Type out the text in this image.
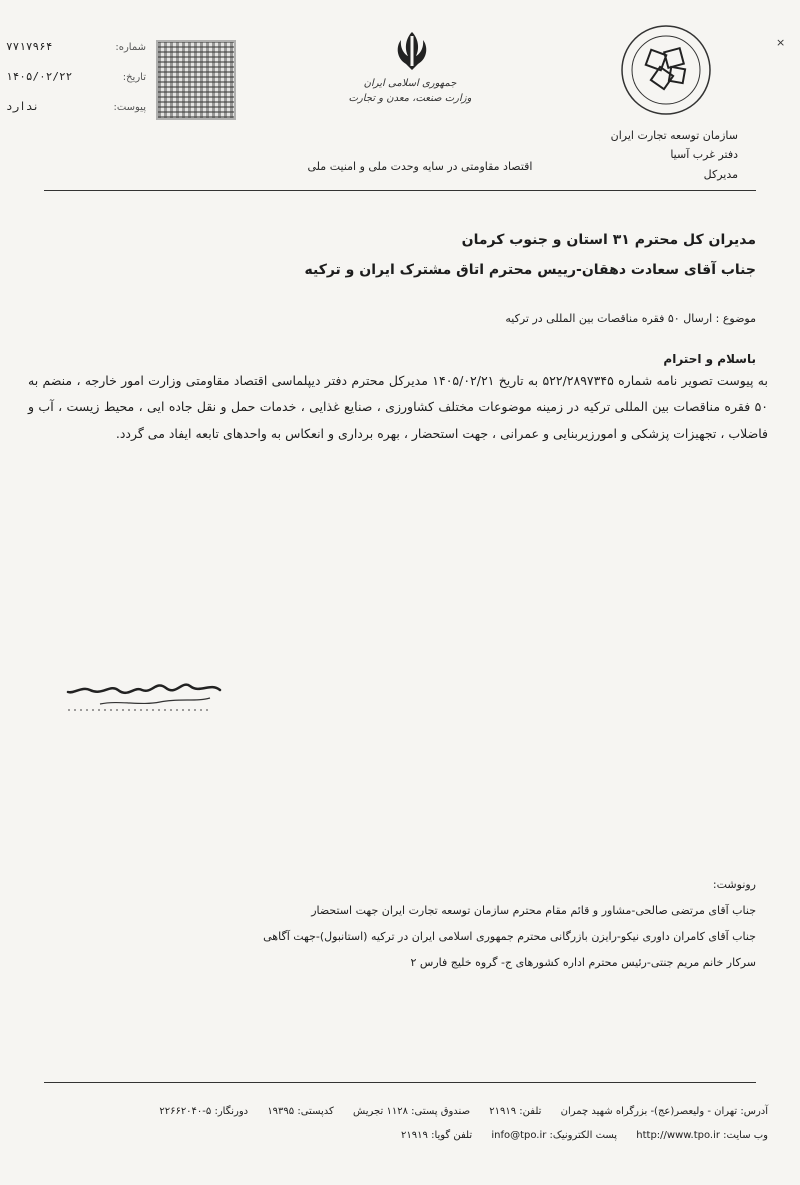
شماره:
۷۷۱۷۹۶۴
تاریخ:
۱۴۰۵/۰۲/۲۲
پیوست:
ندارد
جمهوری اسلامی ایران
وزارت صنعت، معدن و تجارت
اقتصاد مقاومتی در سایه وحدت ملی و امنیت ملی
سازمان توسعه تجارت ایران
دفتر غرب آسیا
مدیرکل
×
مدیران کل محترم ۳۱ استان و جنوب کرمان
جناب آقای سعادت دهقان-رییس محترم اتاق مشترک ایران و ترکیه
موضوع : ارسال ۵۰ فقره مناقصات بین المللی در ترکیه
باسلام و احترام
به پیوست تصویر نامه شماره ۵۲۲/۲۸۹۷۳۴۵ به تاریخ ۱۴۰۵/۰۲/۲۱ مدیرکل محترم دفتر دیپلماسی اقتصاد مقاومتی وزارت امور خارجه ، منضم به ۵۰ فقره مناقصات بین المللی ترکیه در زمینه موضوعات مختلف کشاورزی ، صنایع غذایی ، خدمات حمل و نقل جاده ایی ، محیط زیست ، آب و فاضلاب ، تجهیزات پزشکی و امورزیربنایی و عمرانی ، جهت استحضار ، بهره برداری و انعکاس به واحدهای تابعه ایفاد می گردد.
رونوشت:
جناب آقای مرتضی صالحی-مشاور و قائم مقام محترم سازمان توسعه تجارت ایران جهت استحضار
جناب آقای کامران داوری نیکو-رایزن بازرگانی محترم جمهوری اسلامی ایران در ترکیه (استانبول)-جهت آگاهی
سرکار خانم مریم جنتی-رئیس محترم اداره کشورهای ج- گروه خلیج فارس ۲
آدرس: تهران - ولیعصر(عج)- بزرگراه شهید چمران تلفن: ۲۱۹۱۹ صندوق پستی: ۱۱۲۸ تجریش کدپستی: ۱۹۳۹۵ دورنگار: ۵-۲۲۶۶۲۰۴۰
وب سایت: http://www.tpo.ir پست الکترونیک: info@tpo.ir تلفن گویا: ۲۱۹۱۹
